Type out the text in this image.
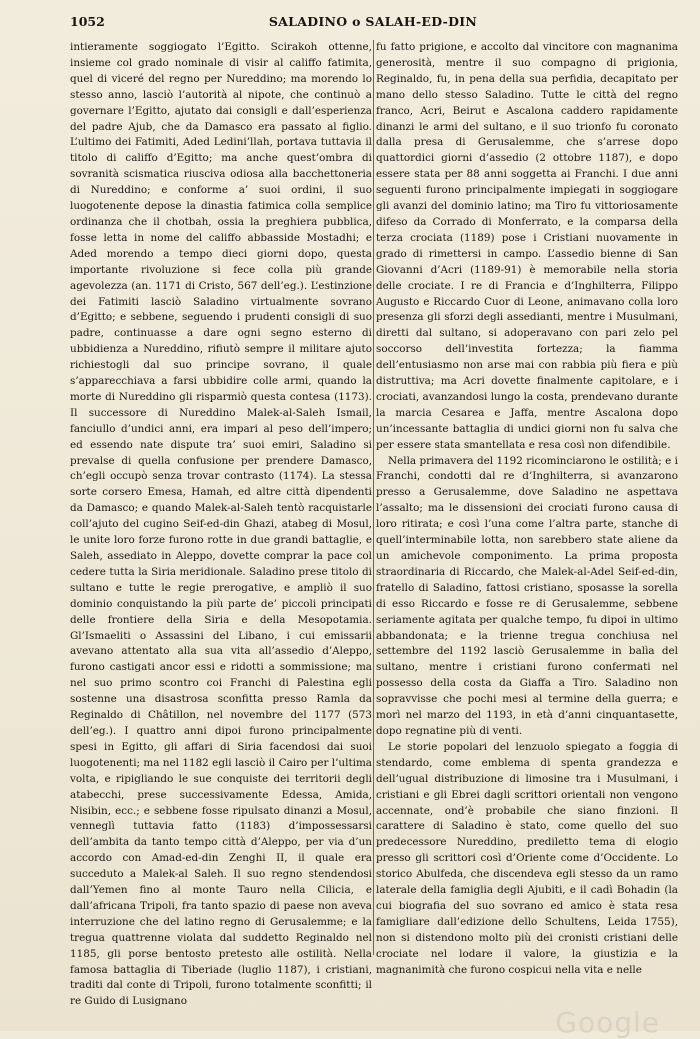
1052	SALADINO o SALAH-ED-DIN

intieramente soggiogato l’Egitto. Scirakoh ottenne, insieme col grado nominale di visir al califfo fatimita, quel di viceré del regno per Nureddino; ma morendo lo stesso anno, lasciò l’autorità al nipote, che continuò a governare l’Egitto, ajutato dai consigli e dall’esperienza del padre Ajub, che da Damasco era passato al figlio. L’ultimo dei Fatimiti, Aded Ledini’llah, portava tuttavia il titolo di califfo d’Egitto; ma anche quest’ombra di sovranità scismatica riusciva odiosa alla bacchettoneria di Nureddino; e conforme a’ suoi ordini, il suo luogotenente depose la dinastia fatimica colla semplice ordinanza che il chotbah, ossia la preghiera pubblica, fosse letta in nome del califfo abbasside Mostadhi; e Aded morendo a tempo dieci giorni dopo, questa importante rivoluzione si fece colla più grande agevolezza (an. 1171 di Cristo, 567 dell’eg.). L’estinzione dei Fatimiti lasciò Saladino virtualmente sovrano d’Egitto; e sebbene, seguendo i prudenti consigli di suo padre, continuasse a dare ogni segno esterno di ubbidienza a Nureddino, rifiutò sempre il militare ajuto richiestogli dal suo principe sovrano, il quale s’apparecchiava a farsi ubbidire colle armi, quando la morte di Nureddino gli risparmiò questa contesa (1173). Il successore di Nureddino Malek-al-Saleh Ismail, fanciullo d’undici anni, era impari al peso dell’impero; ed essendo nate dispute tra’ suoi emiri, Saladino si prevalse di quella confusione per prendere Damasco, ch’egli occupò senza trovar contrasto (1174). La stessa sorte corsero Emesa, Hamah, ed altre città dipendenti da Damasco; e quando Malek-al-Saleh tentò racquistarle coll’ajuto del cugino Seif-ed-din Ghazi, atabeg di Mosul, le unite loro forze furono rotte in due grandi battaglie, e Saleh, assediato in Aleppo, dovette comprar la pace col cedere tutta la Siria meridionale. Saladino prese titolo di sultano e tutte le regie prerogative, e ampliò il suo dominio conquistando la più parte de’ piccoli principati delle frontiere della Siria e della Mesopotamia. Gl’Ismaeliti o Assassini del Libano, i cui emissarii avevano attentato alla sua vita all’assedio d’Aleppo, furono castigati ancor essi e ridotti a sommissione; ma nel suo primo scontro coi Franchi di Palestina egli sostenne una disastrosa sconfitta presso Ramla da Reginaldo di Châtillon, nel novembre del 1177 (573 dell’eg.). I quattro anni dipoi furono principalmente spesi in Egitto, gli affari di Siria facendosi dai suoi luogotenenti; ma nel 1182 egli lasciò il Cairo per l’ultima volta, e ripigliando le sue conquiste dei territorii degli atabecchi, prese successivamente Edessa, Amida, Nisibin, ecc.; e sebbene fosse ripulsato dinanzi a Mosul, venneglì tuttavia fatto (1183) d’impossessarsi dell’ambita da tanto tempo città d’Aleppo, per via d’un accordo con Amad-ed-din Zenghi II, il quale era succeduto a Malek-al Saleh. Il suo regno stendendosi dall’Yemen fino al monte Tauro nella Cilicia, e dall’africana Tripoli, fra tanto spazio di paese non aveva interruzione che del latino regno di Gerusalemme; e la tregua quattrenne violata dal suddetto Reginaldo nel 1185, gli porse bentosto pretesto alle ostilità. Nella famosa battaglia di Tiberiade (luglio 1187), i cristiani, traditi dal conte di Tripoli, furono totalmente sconfitti; il re Guido di Lusignano

fu fatto prigione, e accolto dal vincitore con magnanima generosità, mentre il suo compagno di prigionia, Reginaldo, fu, in pena della sua perfidia, decapitato per mano dello stesso Saladino. Tutte le città del regno franco, Acri, Beirut e Ascalona caddero rapidamente dinanzi le armi del sultano, e il suo trionfo fu coronato dalla presa di Gerusalemme, che s’arrese dopo quattordici giorni d’assedio (2 ottobre 1187), e dopo essere stata per 88 anni soggetta ai Franchi. I due anni seguenti furono principalmente impiegati in soggiogare gli avanzi del dominio latino; ma Tiro fu vittoriosamente difeso da Corrado di Monferrato, e la comparsa della terza crociata (1189) pose i Cristiani nuovamente in grado di rimettersi in campo. L’assedio bienne di San Giovanni d’Acri (1189-91) è memorabile nella storia delle crociate. I re di Francia e d’Inghilterra, Filippo Augusto e Riccardo Cuor di Leone, animavano colla loro presenza gli sforzi degli assedianti, mentre i Musulmani, diretti dal sultano, si adoperavano con pari zelo pel soccorso dell’investita fortezza; la fiamma dell’entusiasmo non arse mai con rabbia più fiera e più distruttiva; ma Acri dovette finalmente capitolare, e i crociati, avanzandosi lungo la costa, prendevano durante la marcia Cesarea e Jaffa, mentre Ascalona dopo un’incessante battaglia di undici giorni non fu salva che per essere stata smantellata e resa così non difendibile.

Nella primavera del 1192 ricominciarono le ostilità; e i Franchi, condotti dal re d’Inghilterra, si avanzarono presso a Gerusalemme, dove Saladino ne aspettava l’assalto; ma le dissensioni dei crociati furono causa di loro ritirata; e così l’una come l’altra parte, stanche di quell’interminabile lotta, non sarebbero state aliene da un amichevole componimento. La prima proposta straordinaria di Riccardo, che Malek-al-Adel Seif-ed-din, fratello di Saladino, fattosi cristiano, sposasse la sorella di esso Riccardo e fosse re di Gerusalemme, sebbene seriamente agitata per qualche tempo, fu dipoi in ultimo abbandonata; e la triennе tregua conchiusa nel settembre del 1192 lasciò Gerusalemme in balìa del sultano, mentre i cristiani furono confermati nel possesso della costa da Giaffa a Tiro. Saladino non sopravvisse che pochi mesi al termine della guerra; e morì nel marzo del 1193, in età d’anni cinquantasette, dopo regnatine più di venti.

Le storie popolari del lenzuolo spiegato a foggia di stendardo, come emblema di spenta grandezza e dell’ugual distribuzione di limosine tra i Musulmani, i cristiani e gli Ebrei dagli scrittori orientali non vengono accennate, ond’è probabile che siano finzioni. Il carattere di Saladino è stato, come quello del suo predecessore Nureddino, prediletto tema di elogio presso gli scrittori così d’Oriente come d’Occidente. Lo storico Abulfeda, che discendeva egli stesso da un ramo laterale della famiglia degli Ajubiti, e il cadì Bohadin (la cui biografia del suo sovrano ed amico è stata resa famigliare dall’edizione dello Schultens, Leida 1755), non si distendono molto più dei cronisti cristiani delle crociate nel lodare il valore, la giustizia e la magnanimità che furono cospicui nella vita e nelle

Google
